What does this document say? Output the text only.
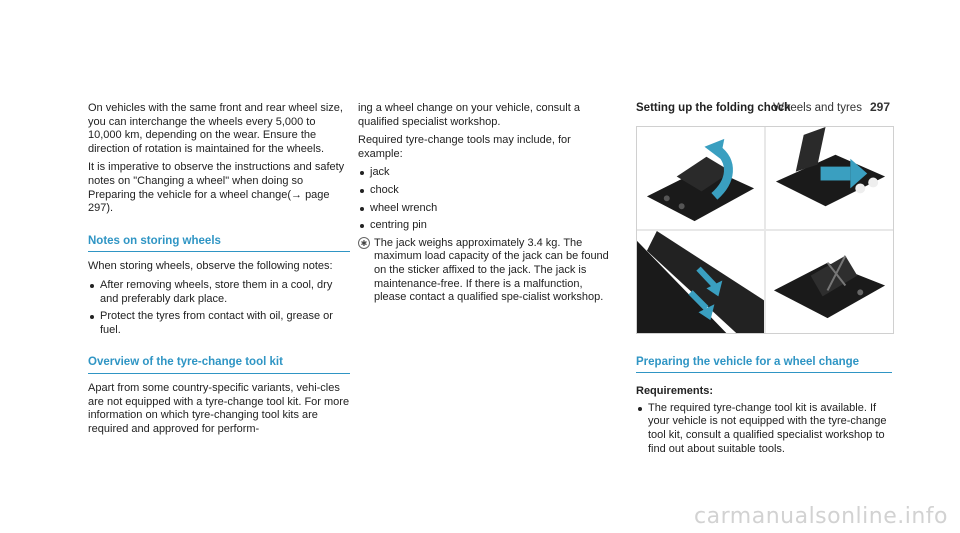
Wheels and tyres 297

On vehicles with the same front and rear wheel size, you can interchange the wheels every 5,000 to 10,000 km, depending on the wear. Ensure the direction of rotation is maintained for the wheels.

It is imperative to observe the instructions and safety notes on "Changing a wheel" when doing so Preparing the vehicle for a wheel change(→ page 297).

Notes on storing wheels

When storing wheels, observe the following notes:

After removing wheels, store them in a cool, dry and preferably dark place.
Protect the tyres from contact with oil, grease or fuel.
Overview of the tyre-change tool kit

Apart from some country-specific variants, vehi-cles are not equipped with a tyre-change tool kit. For more information on which tyre-changing tool kits are required and approved for perform-

ing a wheel change on your vehicle, consult a qualified specialist workshop.

Required tyre-change tools may include, for example:

jack
chock
wheel wrench
centring pin
✱ The jack weighs approximately 3.4 kg. The maximum load capacity of the jack can be found on the sticker affixed to the jack. The jack is maintenance-free. If there is a malfunction, please contact a qualified spe-cialist workshop.
Setting up the folding chock
Preparing the vehicle for a wheel change
Requirements:
The required tyre-change tool kit is available. If your vehicle is not equipped with the tyre-change tool kit, consult a qualified specialist workshop to find out about suitable tools.
carmanualsonline.info
